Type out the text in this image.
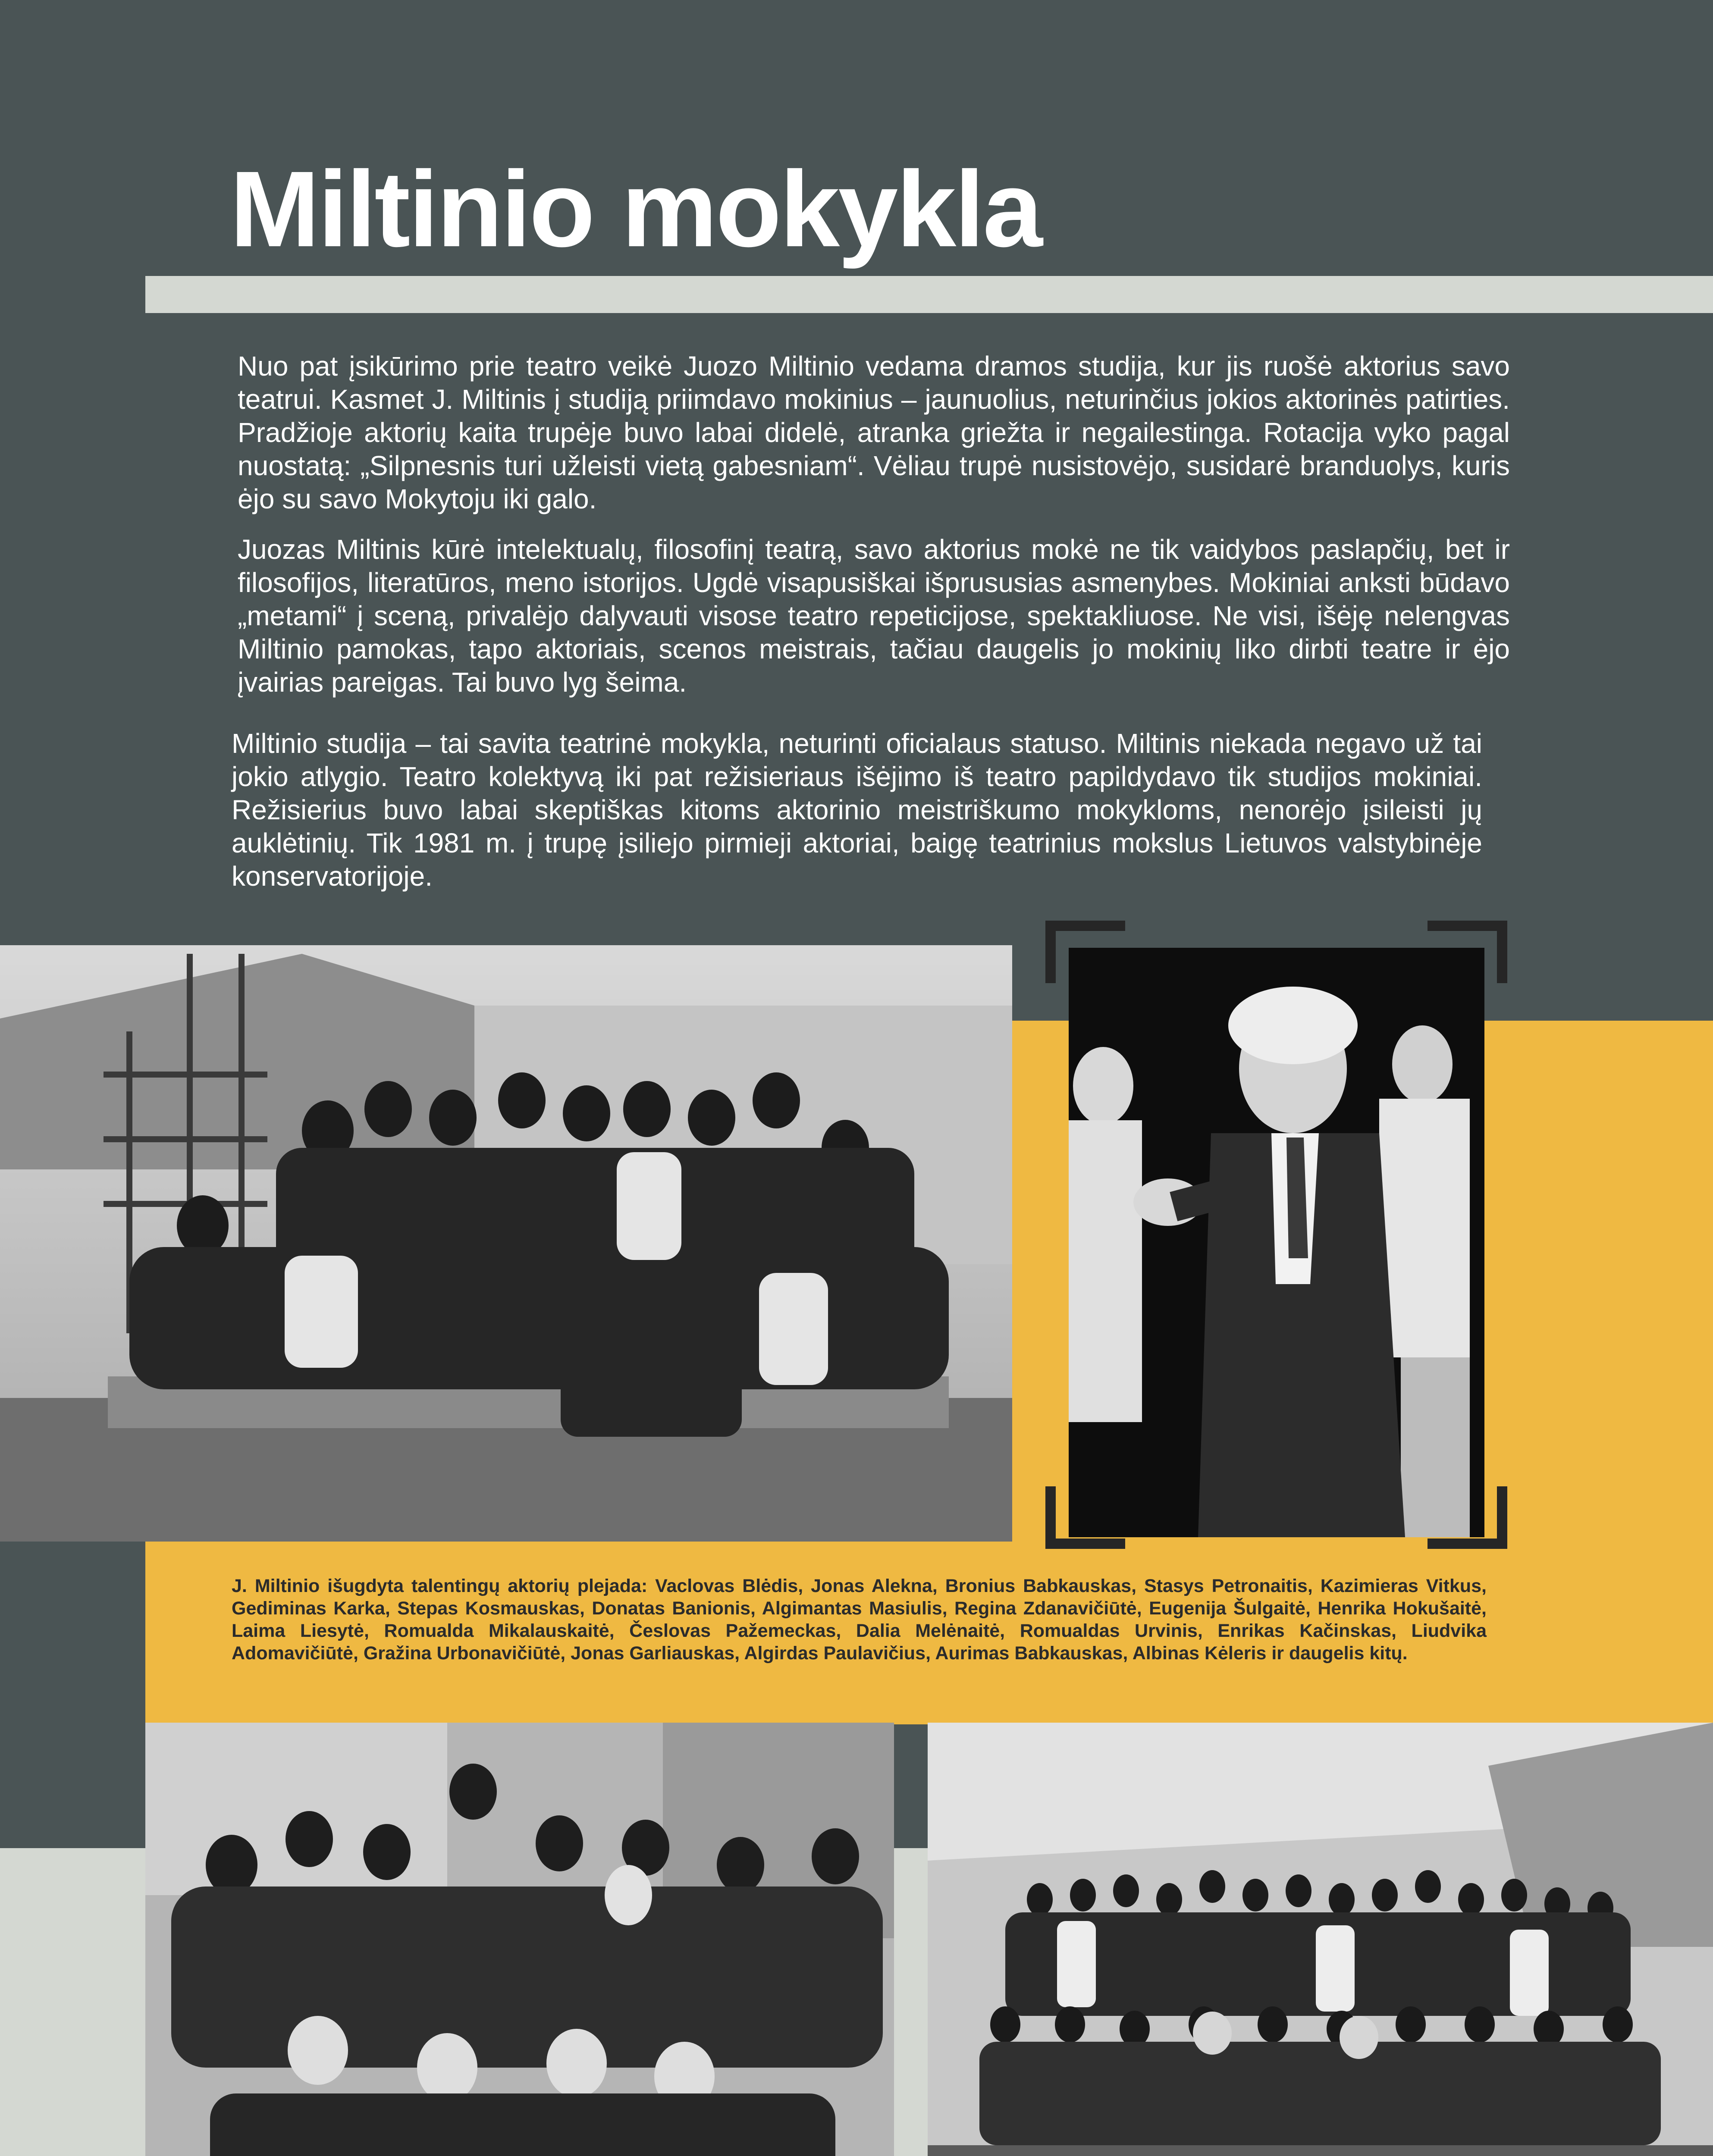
Miltinio mokykla

Nuo pat įsikūrimo prie teatro veikė Juozo Miltinio vedama dramos studija, kur jis ruošė aktorius savo teatrui. Kasmet J. Miltinis į studiją priimdavo mokinius – jaunuolius, neturinčius jokios aktorinės patirties. Pradžioje aktorių kaita trupėje buvo labai didelė, atranka griežta ir negailestinga. Rotacija vyko pagal nuostatą: „Silpnesnis turi užleisti vietą gabesniam“. Vėliau trupė nusistovėjo, susidarė branduolys, kuris ėjo su savo Mokytoju iki galo.

Juozas Miltinis kūrė intelektualų, filosofinį teatrą, savo aktorius mokė ne tik vaidybos paslapčių, bet ir filosofijos, literatūros, meno istorijos. Ugdė visapusiškai išprususias asmenybes. Mokiniai anksti būdavo „metami“ į sceną, privalėjo dalyvauti visose teatro repeticijose, spektakliuose. Ne visi, išėję nelengvas Miltinio pamokas, tapo aktoriais, scenos meistrais, tačiau daugelis jo mokinių liko dirbti teatre ir ėjo įvairias pareigas. Tai buvo lyg šeima.

Miltinio studija – tai savita teatrinė mokykla, neturinti oficialaus statuso. Miltinis niekada negavo už tai jokio atlygio. Teatro kolektyvą iki pat režisieriaus išėjimo iš teatro papildydavo tik studijos mokiniai. Režisierius buvo labai skeptiškas kitoms aktorinio meistriškumo mokykloms, nenorėjo įsileisti jų auklėtinių. Tik 1981 m. į trupę įsiliejo pirmieji aktoriai, baigę teatrinius mokslus Lietuvos valstybinėje konservatorijoje.

J. Miltinio išugdyta talentingų aktorių plejada: Vaclovas Blėdis, Jonas Alekna, Bronius Babkauskas, Stasys Petronaitis, Kazimieras Vitkus, Gediminas Karka, Stepas Kosmauskas, Donatas Banionis, Algimantas Masiulis, Regina Zdanavičiūtė, Eugenija Šulgaitė, Henrika Hokušaitė, Laima Liesytė, Romualda Mikalauskaitė, Česlovas Pažemeckas, Dalia Melėnaitė, Romualdas Urvinis, Enrikas Kačinskas, Liudvika Adomavičiūtė, Gražina Urbonavičiūtė, Jonas Garliauskas, Algirdas Paulavičius, Aurimas Babkauskas, Albinas Kėleris ir daugelis kitų.
